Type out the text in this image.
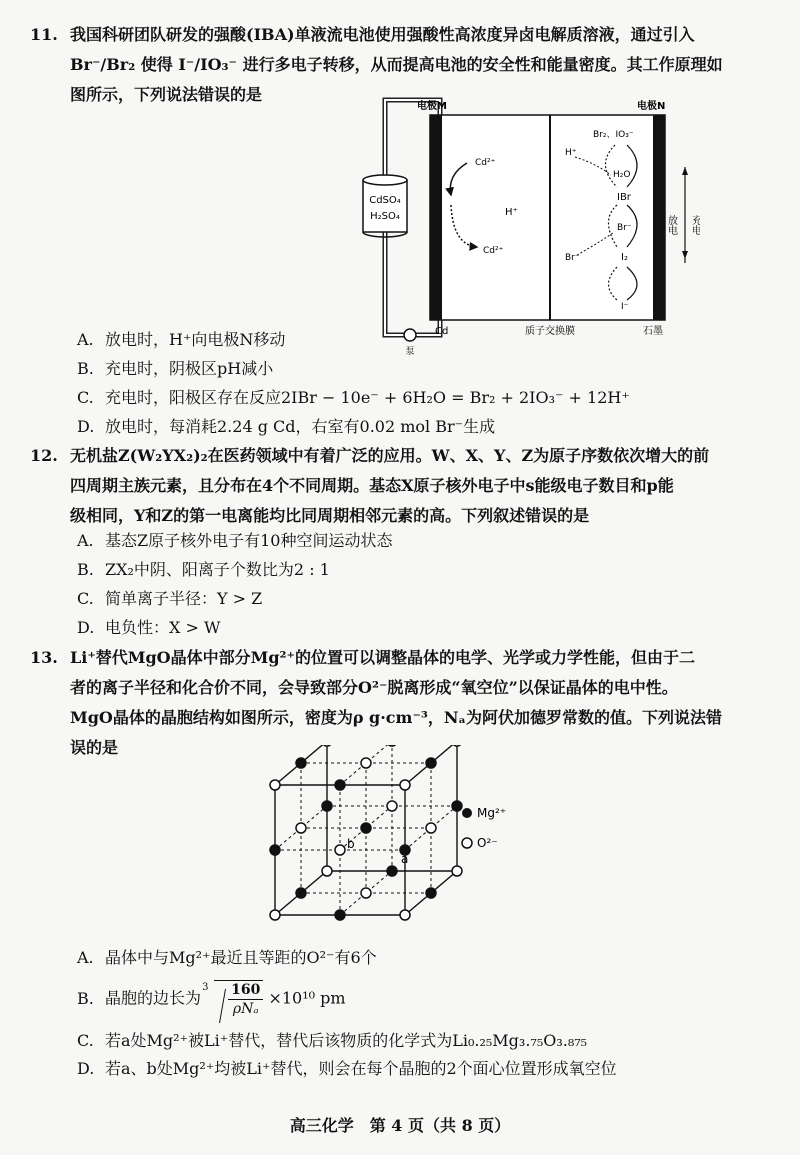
11. 我国科研团队研发的强酸(IBA)单液流电池使用强酸性高浓度异卤电解质溶液，通过引入
Br⁻/Br₂ 使得 I⁻/IO₃⁻ 进行多电子转移，从而提高电池的安全性和能量密度。其工作原理如
图所示，下列说法错误的是
CdSO₄
H₂SO₄
泵
电极M	电极N
Cd	质子交换膜	石墨
Cd²⁺
Cd²⁺
H⁺
Br₂、IO₃⁻
H⁺
H₂O
IBr
Br⁻
Br⁻	I₂
I⁻
放电 充电
A. 放电时，H⁺向电极N移动
B. 充电时，阴极区pH减小
C. 充电时，阳极区存在反应2IBr − 10e⁻ + 6H₂O = Br₂ + 2IO₃⁻ + 12H⁺
D. 放电时，每消耗2.24 g Cd，右室有0.02 mol Br⁻生成
12. 无机盐Z(W₂YX₂)₂在医药领域中有着广泛的应用。W、X、Y、Z为原子序数依次增大的前
四周期主族元素，且分布在4个不同周期。基态X原子核外电子中s能级电子数目和p能
级相同，Y和Z的第一电离能均比同周期相邻元素的高。下列叙述错误的是
A. 基态Z原子核外电子有10种空间运动状态
B. ZX₂中阴、阳离子个数比为2 : 1
C. 简单离子半径：Y > Z
D. 电负性：X > W
13. Li⁺替代MgO晶体中部分Mg²⁺的位置可以调整晶体的电学、光学或力学性能，但由于二
者的离子半径和化合价不同，会导致部分O²⁻脱离形成“氧空位”以保证晶体的电中性。
MgO晶体的晶胞结构如图所示，密度为ρ g·cm⁻³，Nₐ为阿伏加德罗常数的值。下列说法错
误的是
b
a
Mg²⁺
O²⁻
A. 晶体中与Mg²⁺最近且等距的O²⁻有6个
B. 晶胞的边长为
$3 \frac{160}{\text{ρNₐ}} \times 10^{10}$ pm
C. 若a处Mg²⁺被Li⁺替代，替代后该物质的化学式为Li₀.₂₅Mg₃.₇₅O₃.₈₇₅
D. 若a、b处Mg²⁺均被Li⁺替代，则会在每个晶胞的2个面心位置形成氧空位
高三化学　第 4 页（共 8 页）
